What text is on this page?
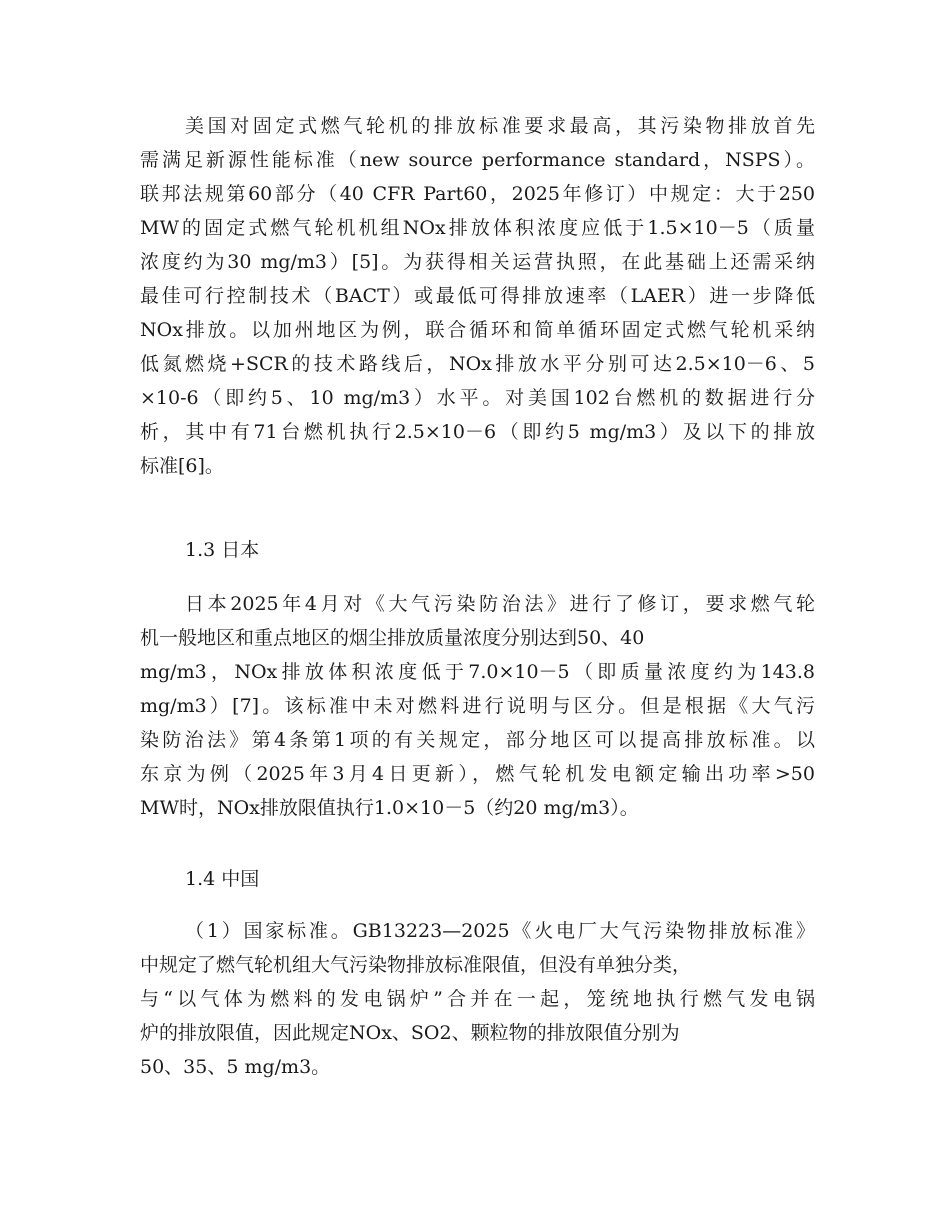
美国对固定式燃气轮机的排放标准要求最高，其污染物排放首先
需满足新源性能标准（new source performance standard，NSPS）。
联邦法规第60部分（40 CFR Part60，2025年修订）中规定：大于250
MW的固定式燃气轮机机组NOx排放体积浓度应低于1.5×10－5（质量
浓度约为30 mg/m3）[5]。为获得相关运营执照，在此基础上还需采纳
最佳可行控制技术（BACT）或最低可得排放速率（LAER）进一步降低
NOx排放。以加州地区为例，联合循环和简单循环固定式燃气轮机采纳
低氮燃烧+SCR的技术路线后，NOx排放水平分别可达2.5×10－6、5
×10-6（即约5、10 mg/m3）水平。对美国102台燃机的数据进行分
析，其中有71台燃机执行2.5×10－6（即约5 mg/m3）及以下的排放
标准[6]。
1.3 日本
日本2025年4月对《大气污染防治法》进行了修订，要求燃气轮
机一般地区和重点地区的烟尘排放质量浓度分别达到50、40
mg/m3，NOx排放体积浓度低于7.0×10－5（即质量浓度约为143.8
mg/m3）[7]。该标准中未对燃料进行说明与区分。但是根据《大气污
染防治法》第4条第1项的有关规定，部分地区可以提高排放标准。以
东京为例（2025年3月4日更新），燃气轮机发电额定输出功率>50
MW时，NOx排放限值执行1.0×10－5（约20 mg/m3）。
1.4 中国
（1）国家标准。GB13223—2025《火电厂大气污染物排放标准》
中规定了燃气轮机组大气污染物排放标准限值，但没有单独分类，
与“以气体为燃料的发电锅炉”合并在一起，笼统地执行燃气发电锅
炉的排放限值，因此规定NOx、SO2、颗粒物的排放限值分别为
50、35、5 mg/m3。
